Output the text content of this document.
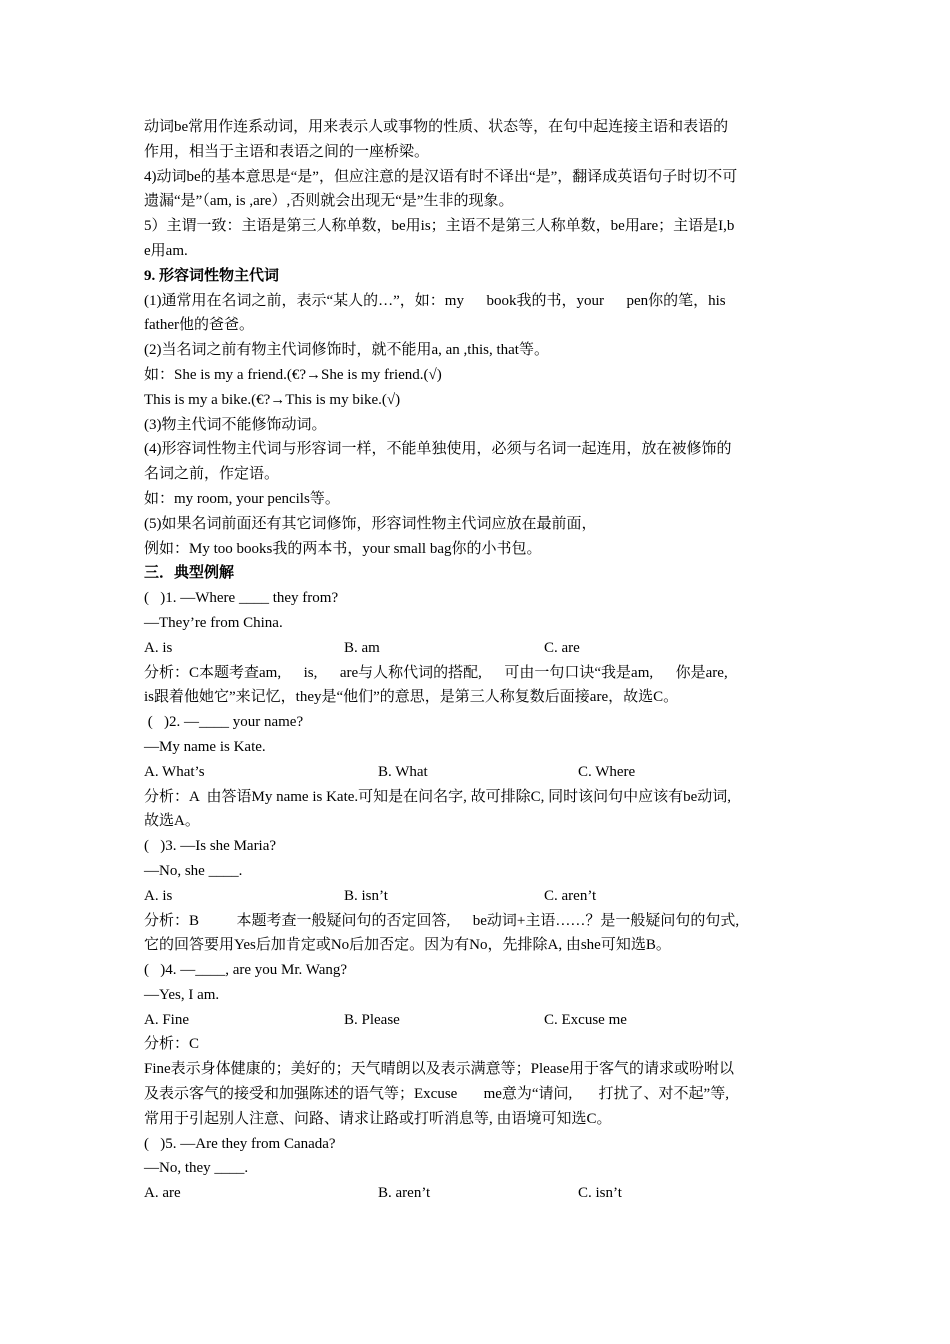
动词be常用作连系动词，用来表示人或事物的性质、状态等，在句中起连接主语和表语的
作用，相当于主语和表语之间的一座桥梁。
4)动词be的基本意思是“是”，但应注意的是汉语有时不译出“是”，翻译成英语句子时切不可
遗漏“是”（am, is ,are）,否则就会出现无“是”生非的现象。
5）主谓一致：主语是第三人称单数，be用is；主语不是第三人称单数，be用are；主语是I,b
e用am.
9. 形容词性物主代词
(1)通常用在名词之前，表示“某人的…”，如：my      book我的书，your      pen你的笔，his
father他的爸爸。
(2)当名词之前有物主代词修饰时，就不能用a, an ,this, that等。
如：She is my a friend.(€?→She is my friend.(√)
This is my a bike.(€?→This is my bike.(√)
(3)物主代词不能修饰动词。
(4)形容词性物主代词与形容词一样，不能单独使用，必须与名词一起连用，放在被修饰的
名词之前，作定语。
如：my room, your pencils等。
(5)如果名词前面还有其它词修饰，形容词性物主代词应放在最前面，
例如：My too books我的两本书，your small bag你的小书包。
三．典型例解
(   )1. —Where ____ they from?
—They’re from China.
A. is	B. am	C. are
分析：C本题考查am,      is,      are与人称代词的搭配,      可由一句口诀“我是am,      你是are,
is跟着他她它”来记忆，they是“他们”的意思，是第三人称复数后面接are，故选C。
(   )2. —____ your name?
—My name is Kate.
A. What’s	B. What	C. Where
分析：A  由答语My name is Kate.可知是在问名字, 故可排除C, 同时该问句中应该有be动词,
故选A。
(   )3. —Is she Maria?
—No, she ____.
A. is	B. isn’t	C. aren’t
分析：B          本题考查一般疑问句的否定回答,      be动词+主语……？是一般疑问句的句式,
它的回答要用Yes后加肯定或No后加否定。因为有No，先排除A, 由she可知选B。
(   )4. —____, are you Mr. Wang?
—Yes, I am.
A. Fine	B. Please	C. Excuse me
分析：C
Fine表示身体健康的；美好的；天气晴朗以及表示满意等；Please用于客气的请求或吩咐以
及表示客气的接受和加强陈述的语气等；Excuse       me意为“请问,       打扰了、对不起”等,
常用于引起别人注意、问路、请求让路或打听消息等, 由语境可知选C。
(   )5. —Are they from Canada?
—No, they ____.
A. are	B. aren’t	C. isn’t
